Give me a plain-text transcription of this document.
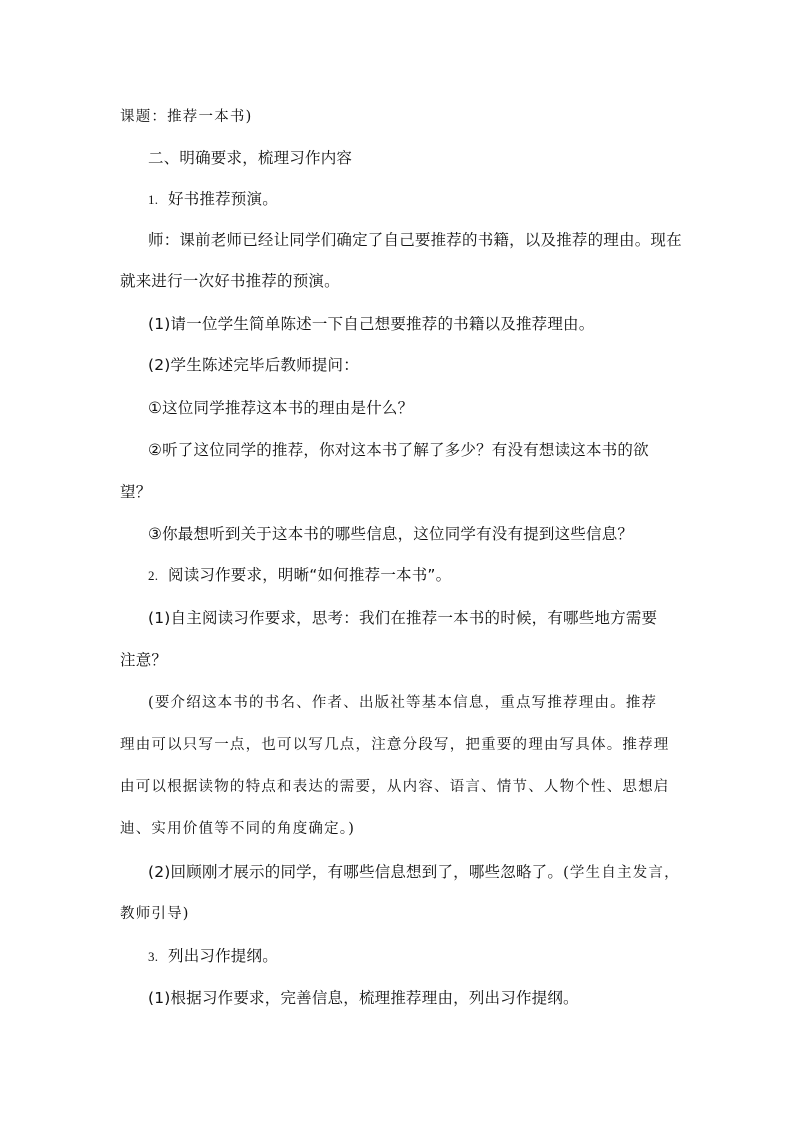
课题：推荐一本书)
二、明确要求，梳理习作内容
1. 好书推荐预演。
师：课前老师已经让同学们确定了自己要推荐的书籍，以及推荐的理由。现在
就来进行一次好书推荐的预演。
(1)请一位学生简单陈述一下自己想要推荐的书籍以及推荐理由。
(2)学生陈述完毕后教师提问：
①这位同学推荐这本书的理由是什么？
②听了这位同学的推荐，你对这本书了解了多少？有没有想读这本书的欲
望？
③你最想听到关于这本书的哪些信息，这位同学有没有提到这些信息？
2. 阅读习作要求，明晰“如何推荐一本书”。
(1)自主阅读习作要求，思考：我们在推荐一本书的时候，有哪些地方需要
注意？
(要介绍这本书的书名、作者、出版社等基本信息，重点写推荐理由。推荐
理由可以只写一点，也可以写几点，注意分段写，把重要的理由写具体。推荐理
由可以根据读物的特点和表达的需要，从内容、语言、情节、人物个性、思想启
迪、实用价值等不同的角度确定。)
(2)回顾刚才展示的同学，有哪些信息想到了，哪些忽略了。(学生自主发言，
教师引导)
3. 列出习作提纲。
(1)根据习作要求，完善信息，梳理推荐理由，列出习作提纲。
